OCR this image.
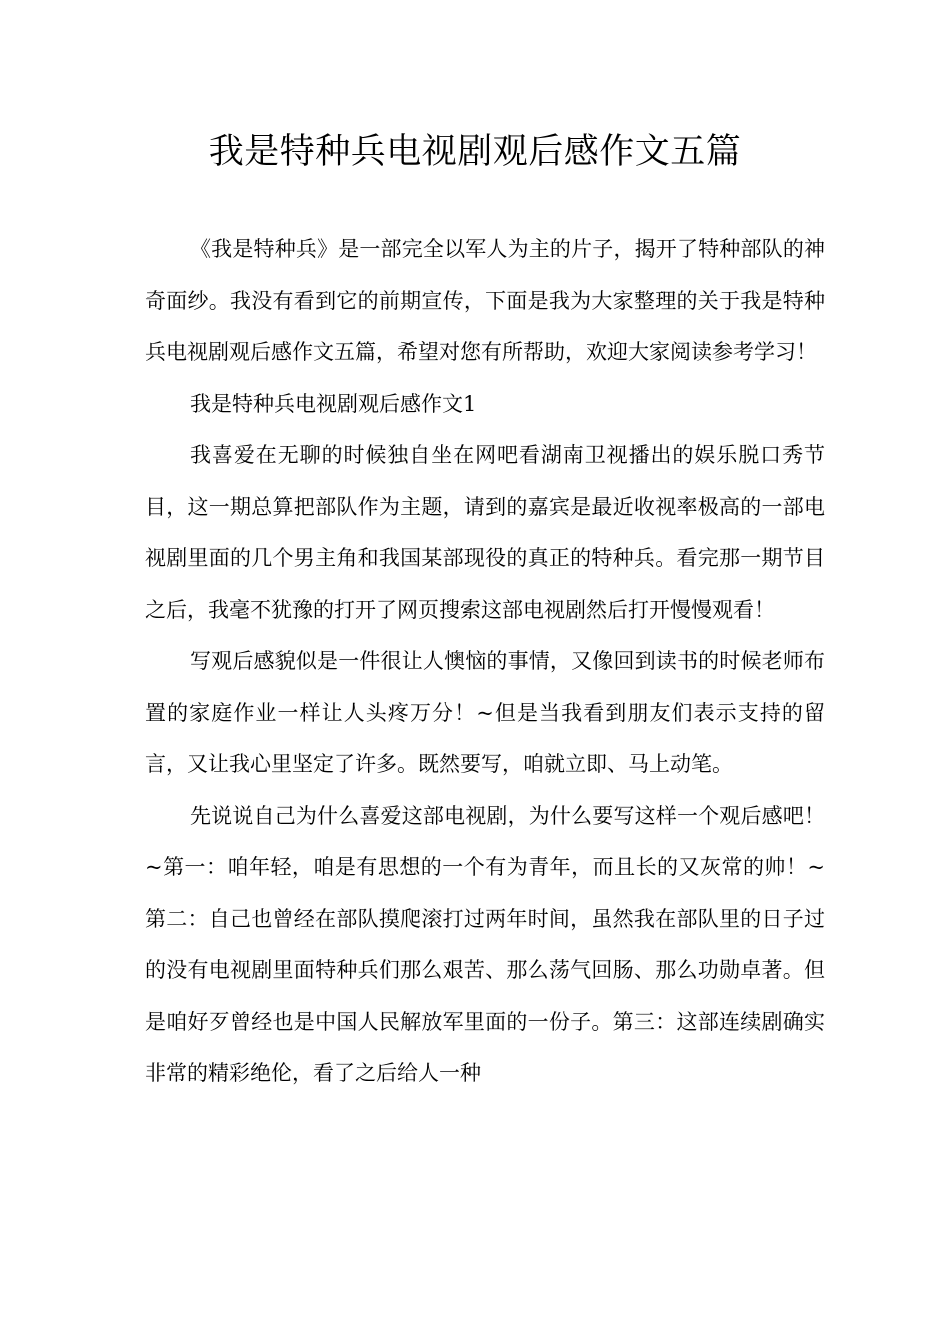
我是特种兵电视剧观后感作文五篇

《我是特种兵》是一部完全以军人为主的片子，揭开了特种部队的神奇面纱。我没有看到它的前期宣传，下面是我为大家整理的关于我是特种兵电视剧观后感作文五篇，希望对您有所帮助，欢迎大家阅读参考学习！

我是特种兵电视剧观后感作文1

我喜爱在无聊的时候独自坐在网吧看湖南卫视播出的娱乐脱口秀节目，这一期总算把部队作为主题，请到的嘉宾是最近收视率极高的一部电视剧里面的几个男主角和我国某部现役的真正的特种兵。看完那一期节目之后，我毫不犹豫的打开了网页搜索这部电视剧然后打开慢慢观看！

写观后感貌似是一件很让人懊恼的事情，又像回到读书的时候老师布置的家庭作业一样让人头疼万分！~但是当我看到朋友们表示支持的留言，又让我心里坚定了许多。既然要写，咱就立即、马上动笔。

先说说自己为什么喜爱这部电视剧，为什么要写这样一个观后感吧！~第一：咱年轻，咱是有思想的一个有为青年，而且长的又灰常的帅！~第二：自己也曾经在部队摸爬滚打过两年时间，虽然我在部队里的日子过的没有电视剧里面特种兵们那么艰苦、那么荡气回肠、那么功勋卓著。但是咱好歹曾经也是中国人民解放军里面的一份子。第三：这部连续剧确实非常的精彩绝伦，看了之后给人一种
